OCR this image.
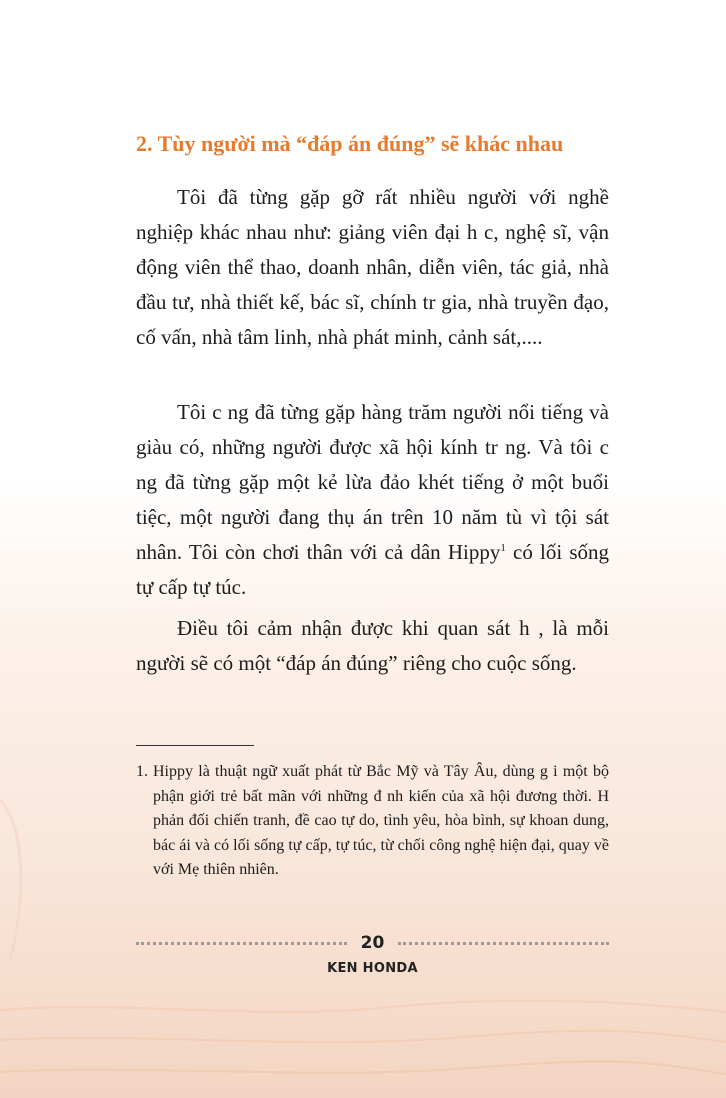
2. Tùy người mà “đáp án đúng” sẽ khác nhau

Tôi đã từng gặp gỡ rất nhiều người với nghề nghiệp khác nhau như: giảng viên đại h c, nghệ sĩ, vận động viên thể thao, doanh nhân, diễn viên, tác giả, nhà đầu tư, nhà thiết kế, bác sĩ, chính tr gia, nhà truyền đạo, cố vấn, nhà tâm linh, nhà phát minh, cảnh sát,....

Tôi c ng đã từng gặp hàng trăm người nổi tiếng và giàu có, những người được xã hội kính tr ng. Và tôi c ng đã từng gặp một kẻ lừa đảo khét tiếng ở một buổi tiệc, một người đang thụ án trên 10 năm tù vì tội sát nhân. Tôi còn chơi thân với cả dân Hippy$^1$ có lối sống tự cấp tự túc.

Điều tôi cảm nhận được khi quan sát h , là mỗi người sẽ có một “đáp án đúng” riêng cho cuộc sống.

1. Hippy là thuật ngữ xuất phát từ Bắc Mỹ và Tây Âu, dùng g i một bộ phận giới trẻ bất mãn với những đ nh kiến của xã hội đương thời. H phản đối chiến tranh, đề cao tự do, tình yêu, hòa bình, sự khoan dung, bác ái và có lối sống tự cấp, tự túc, từ chối công nghệ hiện đại, quay về với Mẹ thiên nhiên.
20
KEN HONDA
